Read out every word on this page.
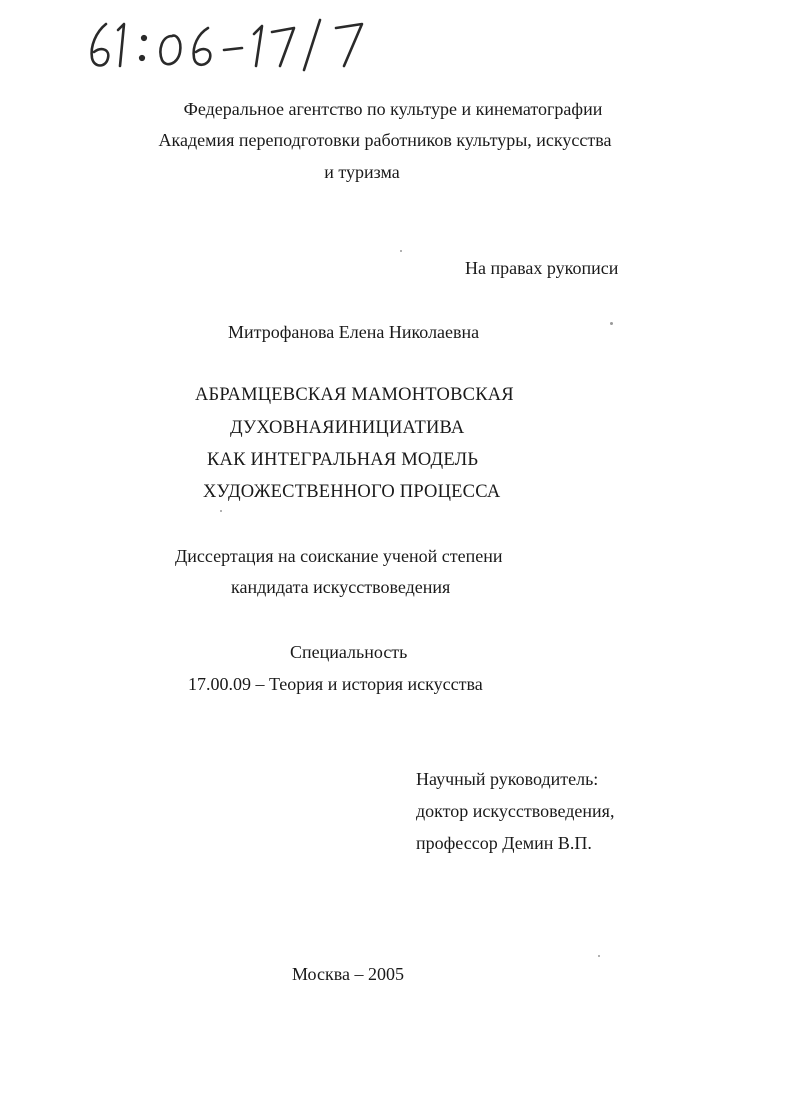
Федеральное агентство по культуре и кинематографии
Академия переподготовки работников культуры, искусства
и туризма
На правах рукописи
Митрофанова Елена Николаевна
АБРАМЦЕВСКАЯ МАМОНТОВСКАЯ
ДУХОВНАЯИНИЦИАТИВА
КАК ИНТЕГРАЛЬНАЯ МОДЕЛЬ
ХУДОЖЕСТВЕННОГО ПРОЦЕССА
Диссертация на соискание ученой степени
кандидата искусствоведения
Специальность
17.00.09 – Теория и история искусства
Научный руководитель:
доктор искусствоведения,
профессор Демин В.П.
Москва – 2005
